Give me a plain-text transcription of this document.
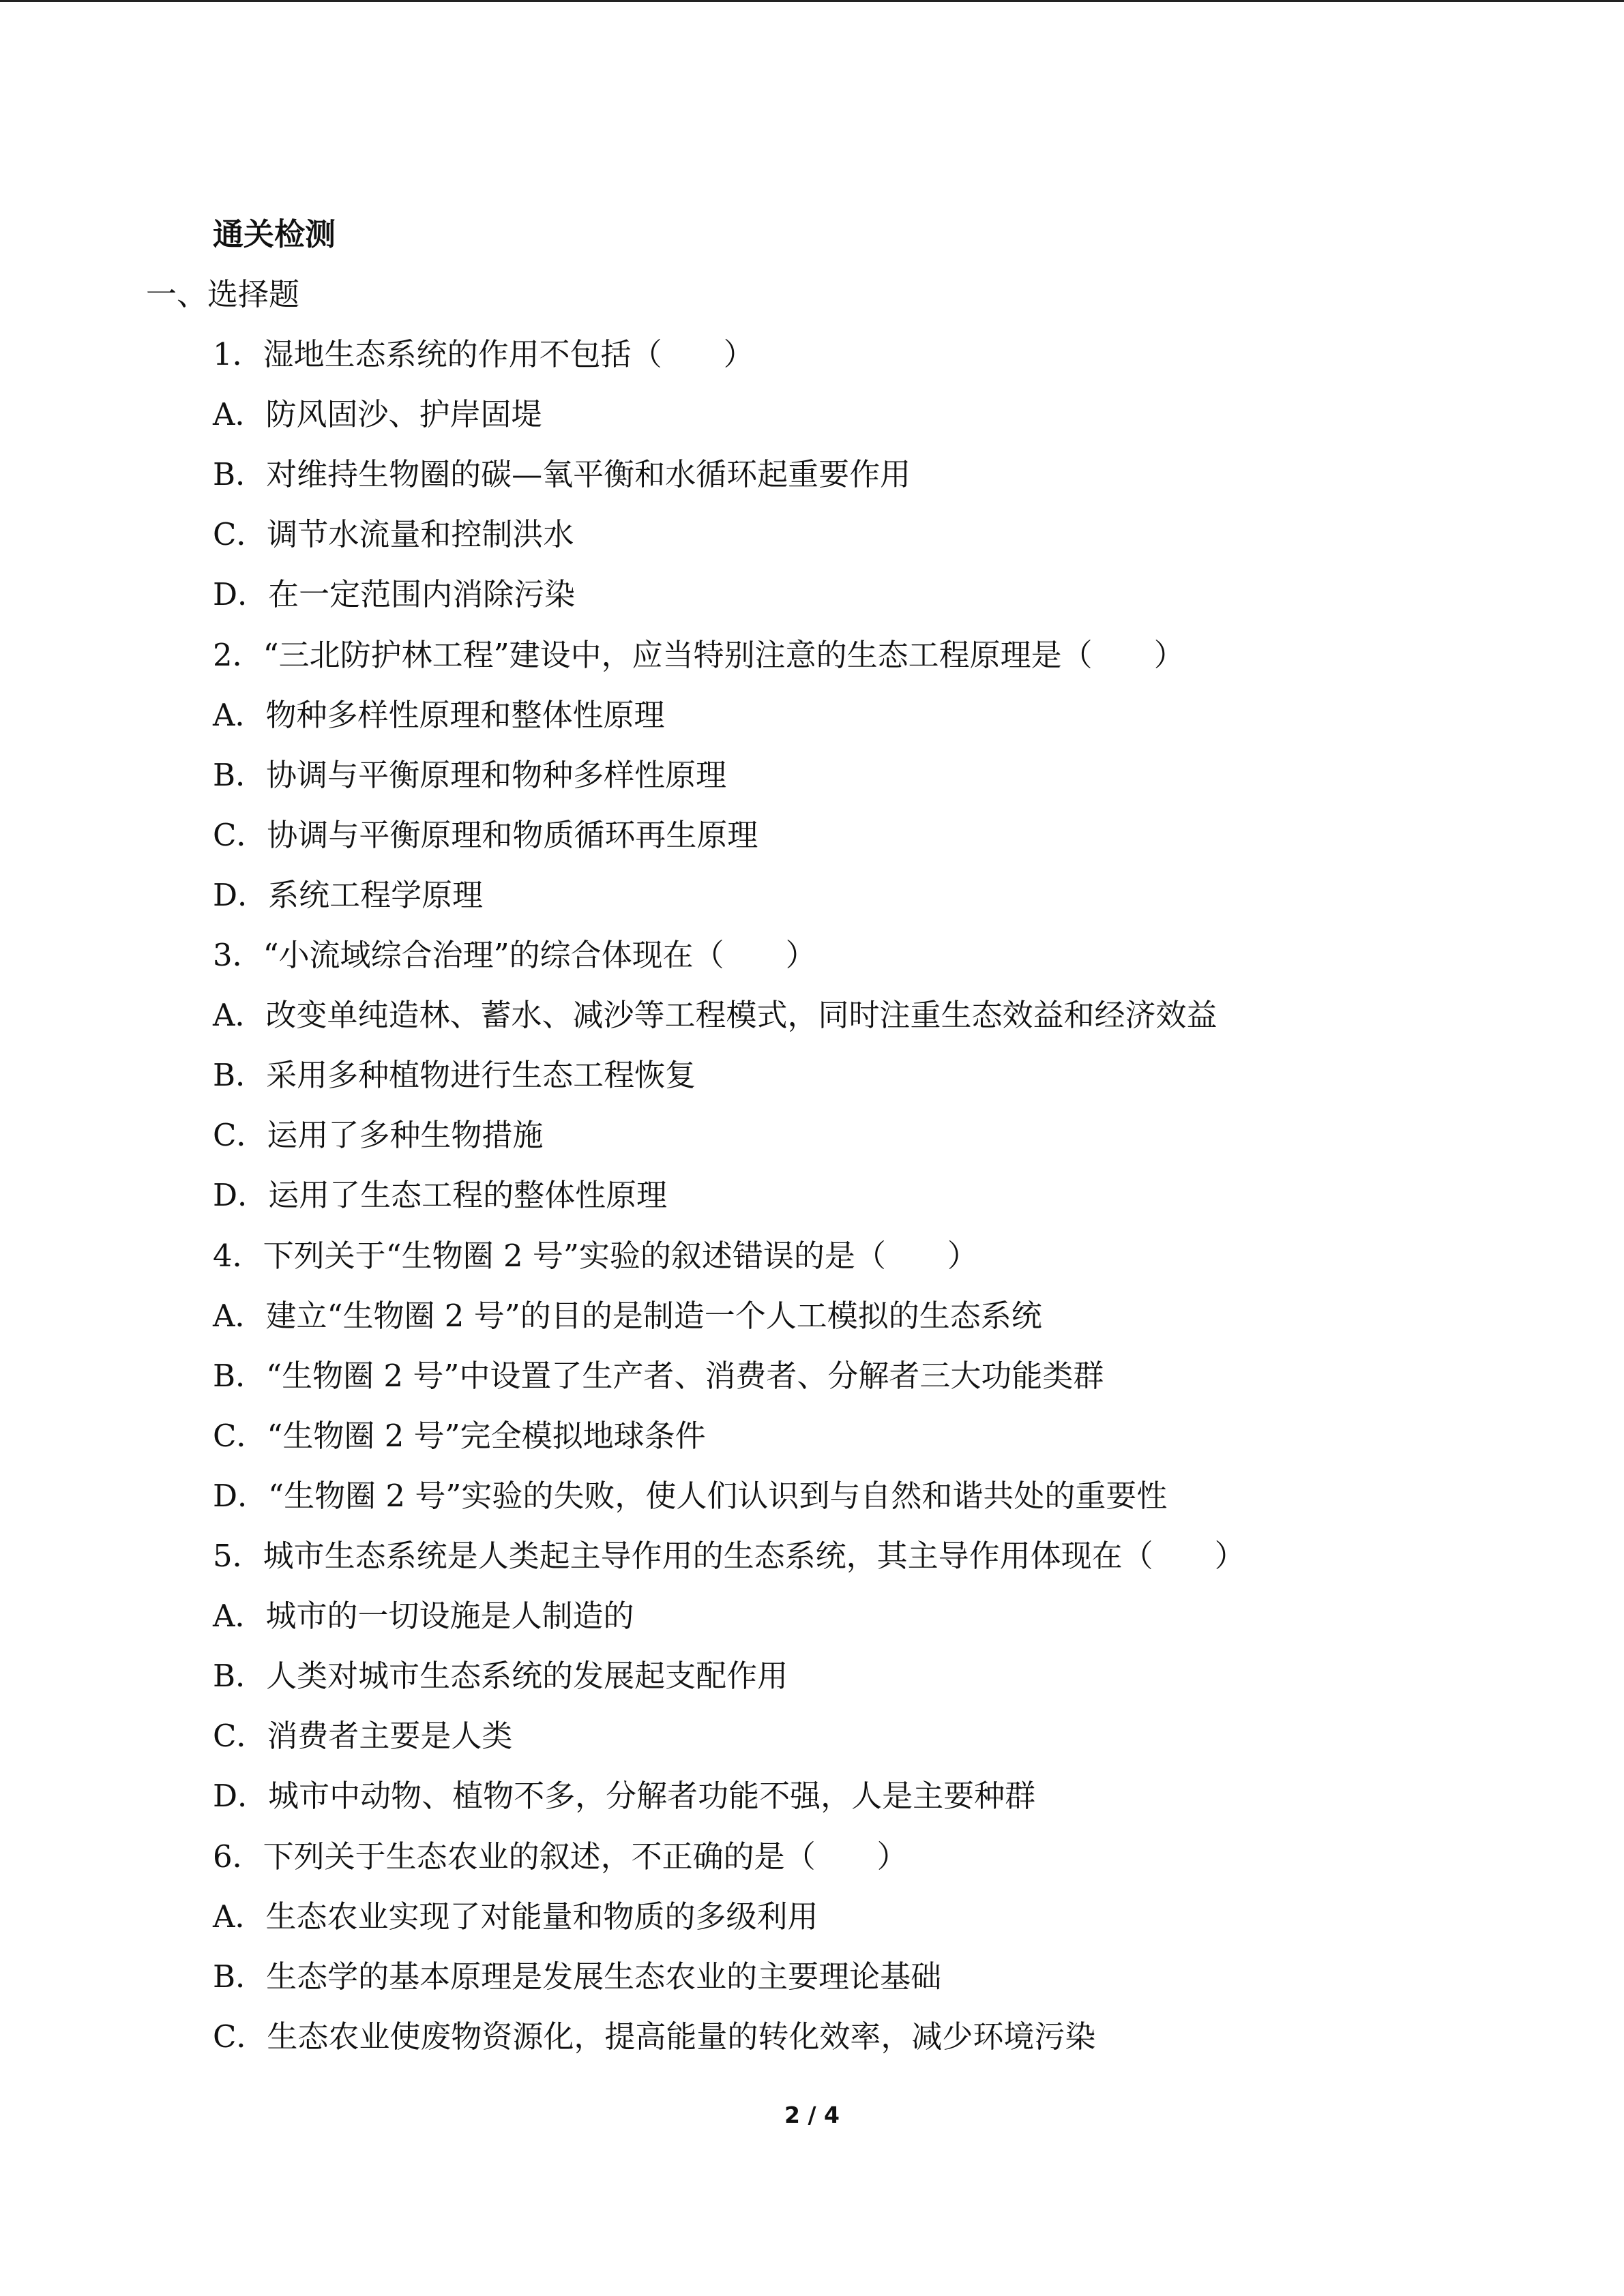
通关检测
一、选择题
1．湿地生态系统的作用不包括（　　）
A．防风固沙、护岸固堤
B．对维持生物圈的碳—氧平衡和水循环起重要作用
C．调节水流量和控制洪水
D．在一定范围内消除污染
2．“三北防护林工程”建设中，应当特别注意的生态工程原理是（　　）
A．物种多样性原理和整体性原理
B．协调与平衡原理和物种多样性原理
C．协调与平衡原理和物质循环再生原理
D．系统工程学原理
3．“小流域综合治理”的综合体现在（　　）
A．改变单纯造林、蓄水、减沙等工程模式，同时注重生态效益和经济效益
B．采用多种植物进行生态工程恢复
C．运用了多种生物措施
D．运用了生态工程的整体性原理
4．下列关于“生物圈 2 号”实验的叙述错误的是（　　）
A．建立“生物圈 2 号”的目的是制造一个人工模拟的生态系统
B．“生物圈 2 号”中设置了生产者、消费者、分解者三大功能类群
C．“生物圈 2 号”完全模拟地球条件
D．“生物圈 2 号”实验的失败，使人们认识到与自然和谐共处的重要性
5．城市生态系统是人类起主导作用的生态系统，其主导作用体现在（　　）
A．城市的一切设施是人制造的
B．人类对城市生态系统的发展起支配作用
C．消费者主要是人类
D．城市中动物、植物不多，分解者功能不强，人是主要种群
6．下列关于生态农业的叙述，不正确的是（　　）
A．生态农业实现了对能量和物质的多级利用
B．生态学的基本原理是发展生态农业的主要理论基础
C．生态农业使废物资源化，提高能量的转化效率，减少环境污染
2 / 4
